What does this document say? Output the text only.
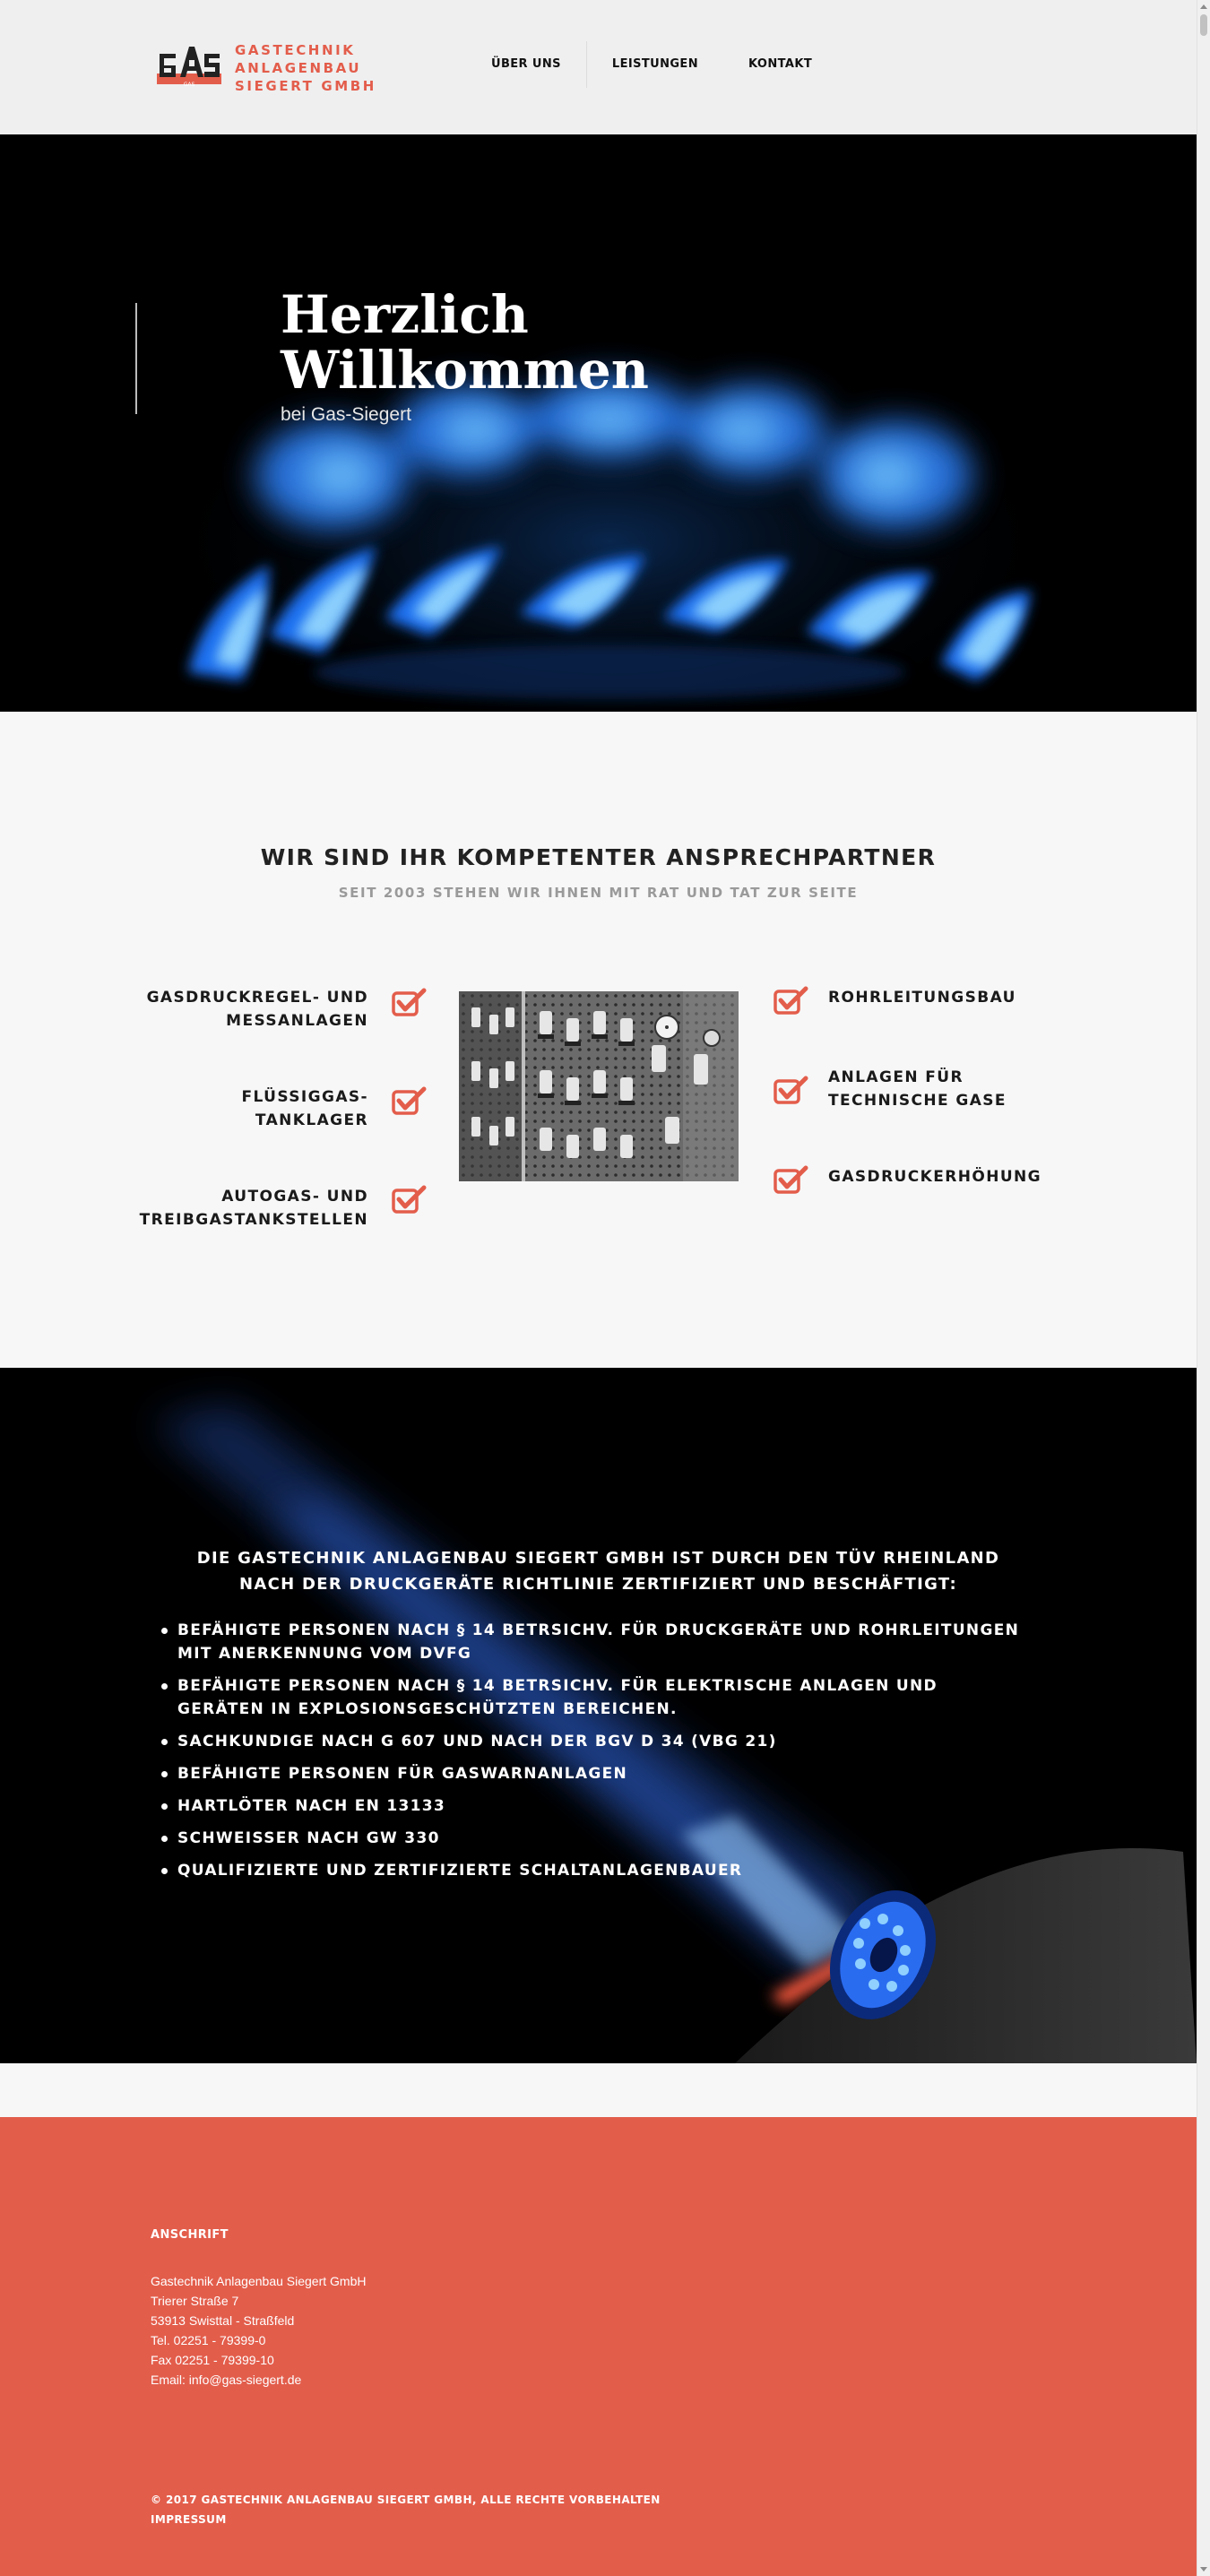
GAS
GASTECHNIK
ANLAGENBAU
SIEGERT GMBH
ÜBER UNS	LEISTUNGEN	KONTAKT
Herzlich
Willkommen
bei Gas-Siegert
WIR SIND IHR KOMPETENTER ANSPRECHPARTNER
SEIT 2003 STEHEN WIR IHNEN MIT RAT UND TAT ZUR SEITE
GASDRUCKREGEL- UND
MESSANLAGEN
FLÜSSIGGAS-
TANKLAGER
AUTOGAS- UND
TREIBGASTANKSTELLEN
ROHRLEITUNGSBAU
ANLAGEN FÜR
TECHNISCHE GASE
GASDRUCKERHÖHUNG
DIE GASTECHNIK ANLAGENBAU SIEGERT GMBH IST DURCH DEN TÜV RHEINLAND NACH DER DRUCKGERÄTE RICHTLINIE ZERTIFIZIERT UND BESCHÄFTIGT:
BEFÄHIGTE PERSONEN NACH § 14 BETRSICHV. FÜR DRUCKGERÄTE UND ROHRLEITUNGEN MIT ANERKENNUNG VOM DVFG
BEFÄHIGTE PERSONEN NACH § 14 BETRSICHV. FÜR ELEKTRISCHE ANLAGEN UND GERÄTEN IN EXPLOSIONSGESCHÜTZTEN BEREICHEN.
SACHKUNDIGE NACH G 607 UND NACH DER BGV D 34 (VBG 21)
BEFÄHIGTE PERSONEN FÜR GASWARNANLAGEN
HARTLÖTER NACH EN 13133
SCHWEISSER NACH GW 330
QUALIFIZIERTE UND ZERTIFIZIERTE SCHALTANLAGENBAUER
ANSCHRIFT
Gastechnik Anlagenbau Siegert GmbH
Trierer Straße 7
53913 Swisttal - Straßfeld
Tel. 02251 - 79399-0
Fax 02251 - 79399-10
Email: info@gas-siegert.de
© 2017 GASTECHNIK ANLAGENBAU SIEGERT GMBH, ALLE RECHTE VORBEHALTEN
IMPRESSUM
